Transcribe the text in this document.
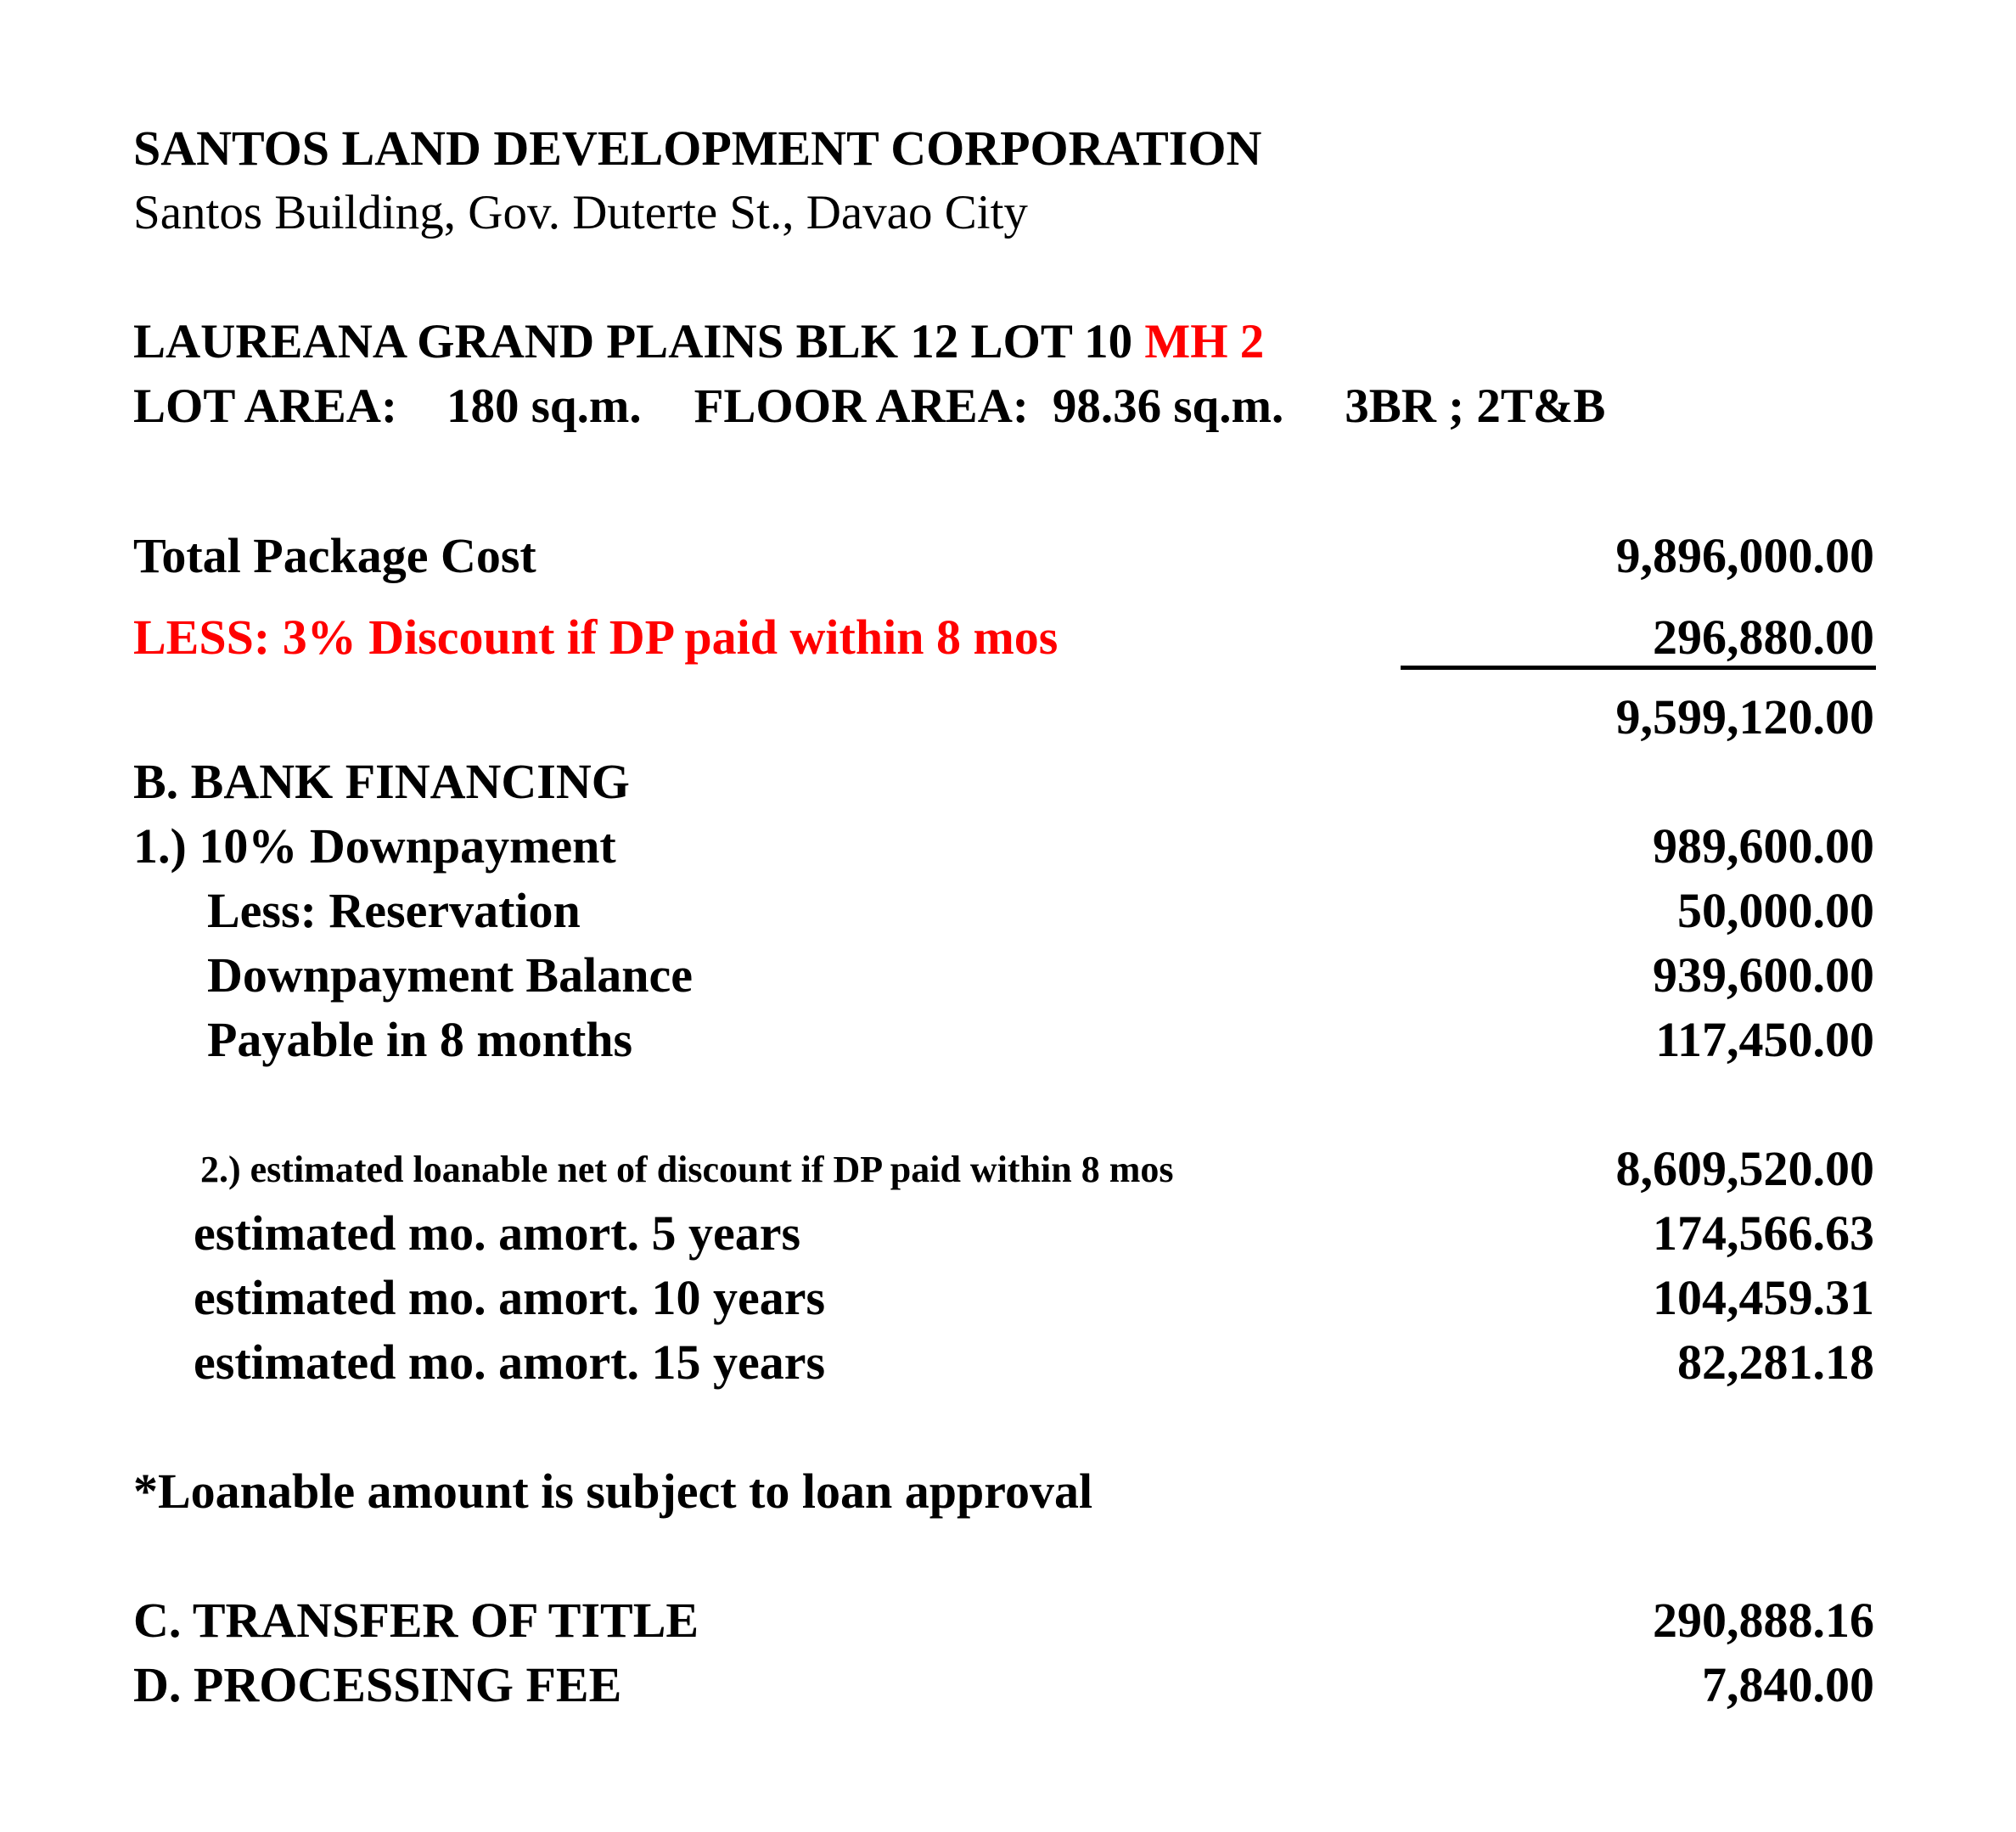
SANTOS LAND DEVELOPMENT CORPORATION
Santos Building, Gov. Duterte St., Davao City
LAUREANA GRAND PLAINS BLK 12 LOT 10 MH 2
LOT AREA: 180 sq.m. FLOOR AREA: 98.36 sq.m. 3BR ; 2T&B
Total Package Cost	9,896,000.00
LESS: 3% Discount if DP paid within 8 mos	296,880.00
9,599,120.00
B. BANK FINANCING
1.) 10% Downpayment	989,600.00
Less: Reservation	50,000.00
Downpayment Balance	939,600.00
Payable in 8 months	117,450.00
2.) estimated loanable net of discount if DP paid within 8 mos	8,609,520.00
estimated mo. amort. 5 years	174,566.63
estimated mo. amort. 10 years	104,459.31
estimated mo. amort. 15 years	82,281.18
*Loanable amount is subject to loan approval
C. TRANSFER OF TITLE	290,888.16
D. PROCESSING FEE	7,840.00
